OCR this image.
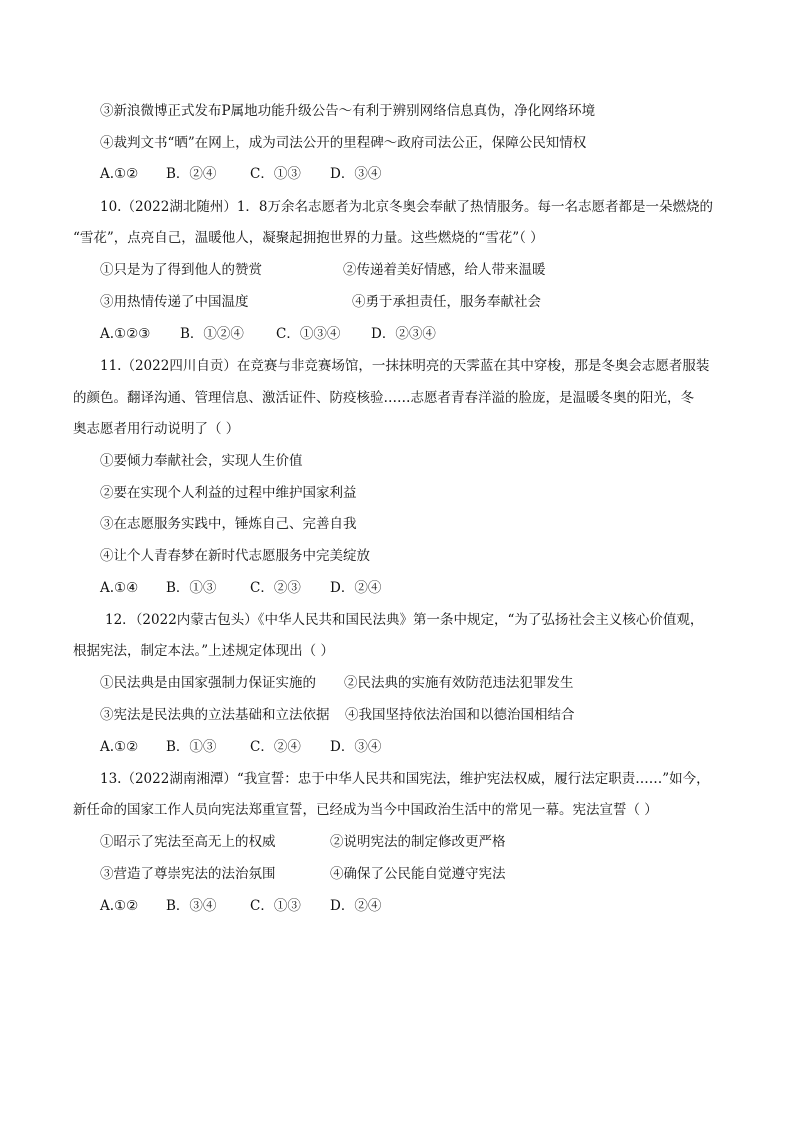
③新浪微博正式发布P属地功能升级公告～有利于辨别网络信息真伪，净化网络环境
④裁判文书“晒”在网上，成为司法公开的里程碑～政府司法公正，保障公民知情权
A.①② B．②④ C．①③ D．③④
10.（2022湖北随州）1．8万余名志愿者为北京冬奥会奉献了热情服务。每一名志愿者都是一朵燃烧的
“雪花”，点亮自己，温暖他人，凝聚起拥抱世界的力量。这些燃烧的“雪花”（ ）
①只是为了得到他人的赞赏	②传递着美好情感，给人带来温暖
③用热情传递了中国温度	④勇于承担责任，服务奉献社会
A.①②③ B．①②④ C．①③④ D．②③④
11.（2022四川自贡）在竞赛与非竞赛场馆，一抹抹明亮的天霁蓝在其中穿梭，那是冬奥会志愿者服装
的颜色。翻译沟通、管理信息、激活证件、防疫核验……志愿者青春洋溢的脸庞，是温暖冬奥的阳光，冬
奥志愿者用行动说明了（ ）
①要倾力奉献社会，实现人生价值
②要在实现个人利益的过程中维护国家利益
③在志愿服务实践中，锤炼自己、完善自我
④让个人青春梦在新时代志愿服务中完美绽放
A.①④ B．①③ C．②③ D．②④
12．（2022内蒙古包头）《中华人民共和国民法典》第一条中规定，“为了弘扬社会主义核心价值观，
根据宪法，制定本法。”上述规定体现出（ ）
①民法典是由国家强制力保证实施的 ②民法典的实施有效防范违法犯罪发生
③宪法是民法典的立法基础和立法依据 ④我国坚持依法治国和以德治国相结合
A.①② B．①③ C．②④ D．③④
13.（2022湖南湘潭）“我宣誓：忠于中华人民共和国宪法，维护宪法权威，履行法定职责……”如今，
新任命的国家工作人员向宪法郑重宣誓，已经成为当今中国政治生活中的常见一幕。宪法宣誓（ ）
①昭示了宪法至高无上的权威	②说明宪法的制定修改更严格
③营造了尊崇宪法的法治氛围	④确保了公民能自觉遵守宪法
A.①② B．③④ C．①③ D．②④
